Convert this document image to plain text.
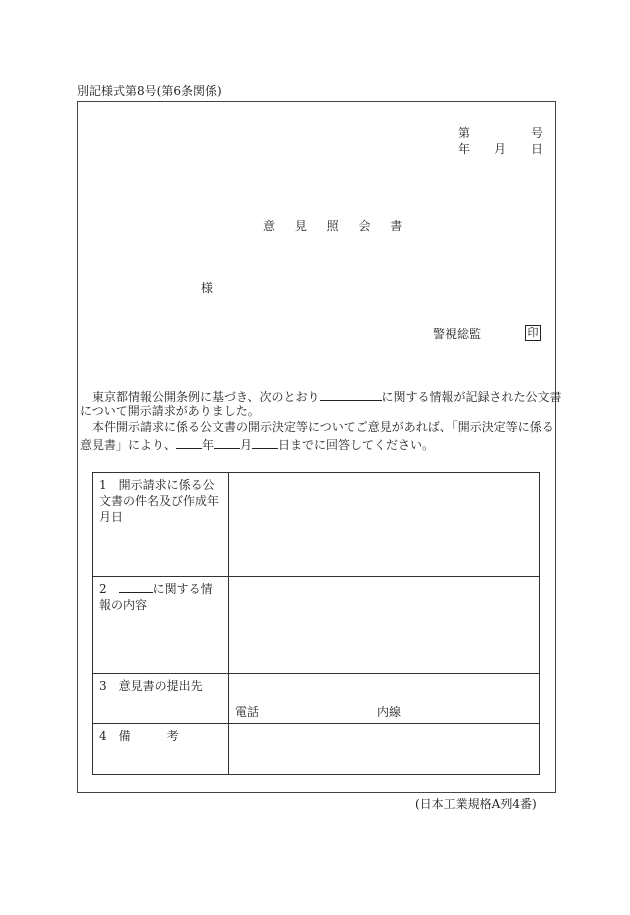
別記様式第8号(第6条関係)
第	号
年 月 日
意 見 照 会 書
様
警視総監	印
東京都情報公開条例に基づき、次のとおり	に関する情報が記録された公文書
について開示請求がありました。
本件開示請求に係る公文書の開示決定等についてご意見があれば、「開示決定等に係る
意見書」により、 年 月 日までに回答してください。
1　開示請求に係る公文書の件名及び作成年月日	

2　 に関する情報の内容	

3　意見書の提出先	電話 内線

4　備　　　考	

(日本工業規格A列4番)
